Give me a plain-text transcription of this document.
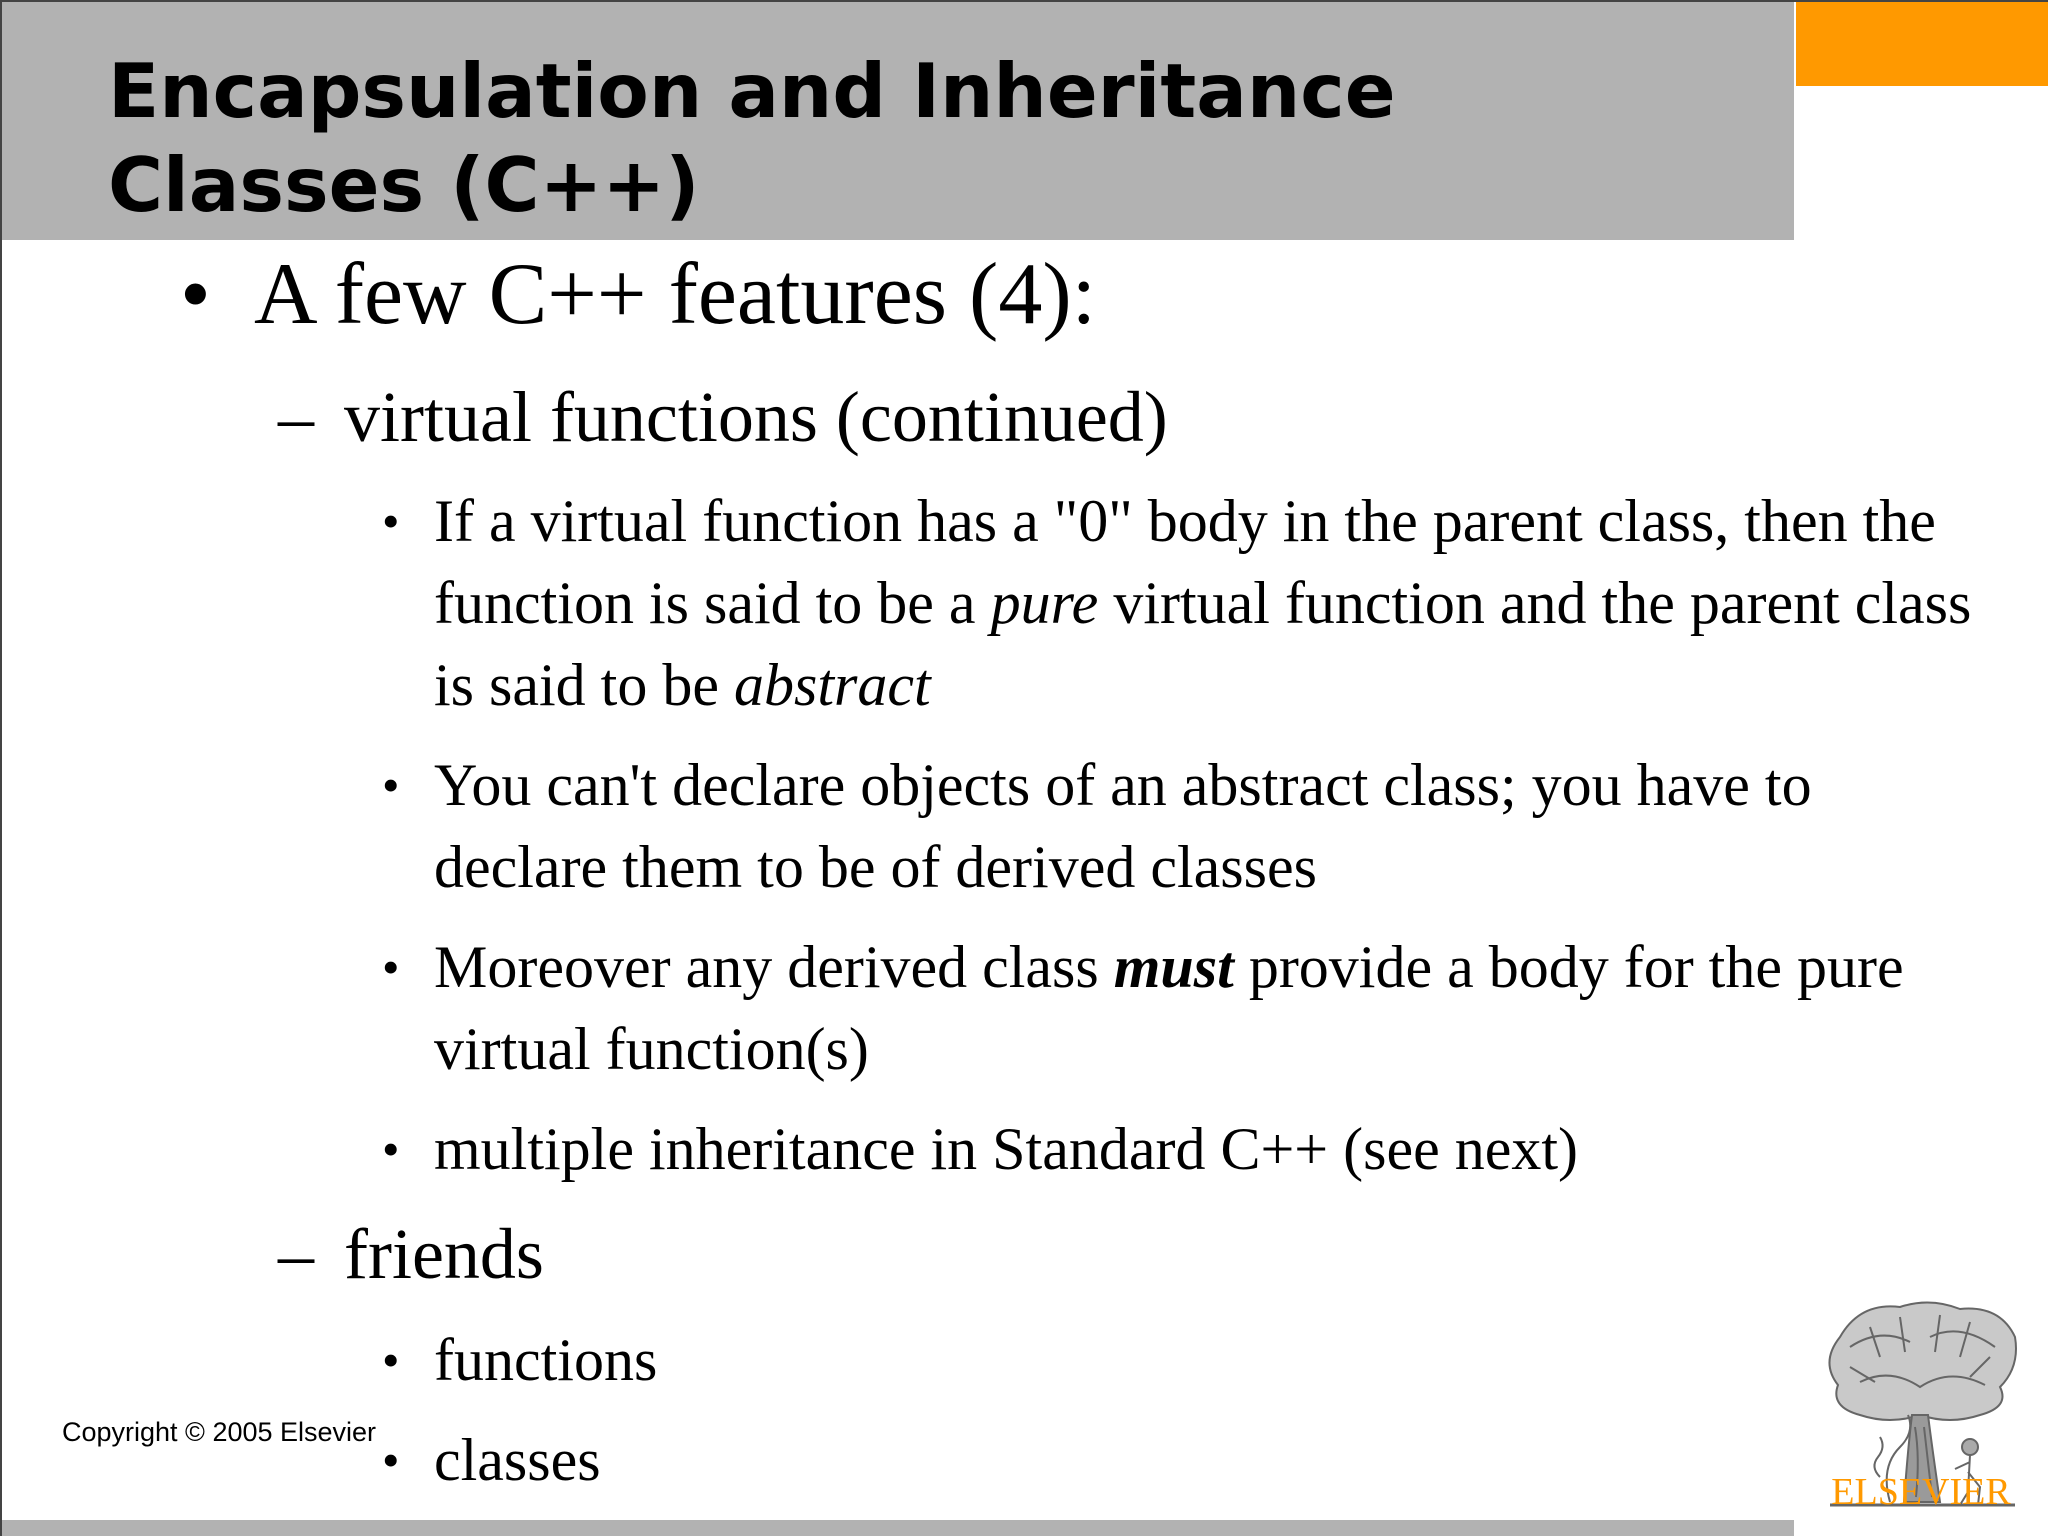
Encapsulation and Inheritance
Classes (C++)
• A few C++ features (4):
– virtual functions (continued)
• If a virtual function has a "0" body in the parent class, then the function is said to be a pure virtual function and the parent class is said to be abstract
• You can't declare objects of an abstract class; you have to declare them to be of derived classes
• Moreover any derived class must provide a body for the pure virtual function(s)
• multiple inheritance in Standard C++ (see next)
– friends
• functions
• classes
Copyright © 2005 Elsevier
ELSEVIER
